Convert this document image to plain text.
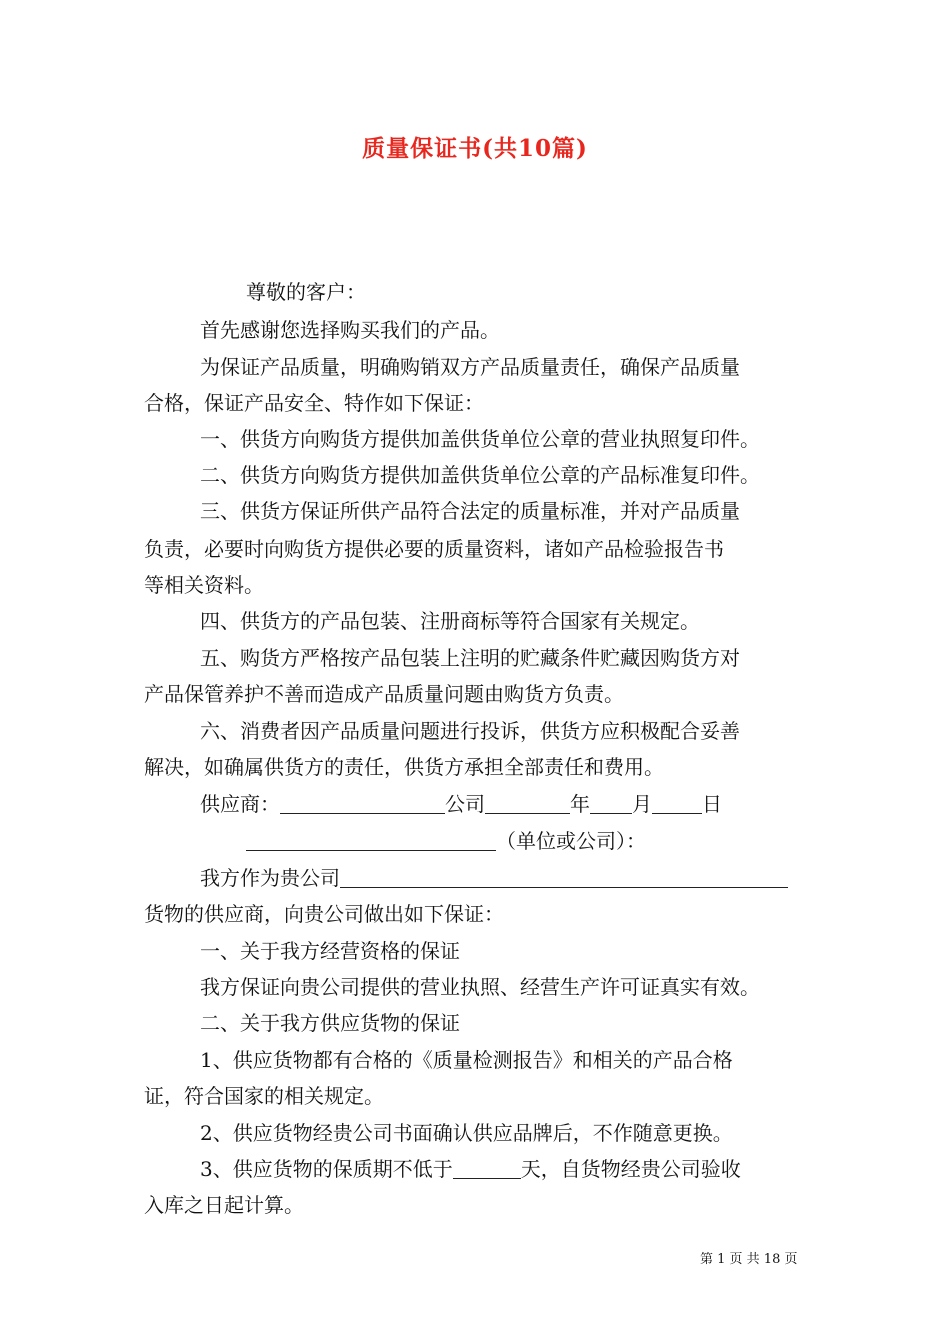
质量保证书(共10篇)
尊敬的客户：
首先感谢您选择购买我们的产品。
为保证产品质量，明确购销双方产品质量责任，确保产品质量
合格，保证产品安全、特作如下保证：
一、供货方向购货方提供加盖供货单位公章的营业执照复印件。
二、供货方向购货方提供加盖供货单位公章的产品标准复印件。
三、供货方保证所供产品符合法定的质量标准，并对产品质量
负责，必要时向购货方提供必要的质量资料，诸如产品检验报告书
等相关资料。
四、供货方的产品包装、注册商标等符合国家有关规定。
五、购货方严格按产品包装上注明的贮藏条件贮藏因购货方对
产品保管养护不善而造成产品质量问题由购货方负责。
六、消费者因产品质量问题进行投诉，供货方应积极配合妥善
解决，如确属供货方的责任，供货方承担全部责任和费用。
供应商：	公司	年 月	日
（单位或公司）：
我方作为贵公司
货物的供应商，向贵公司做出如下保证：
一、关于我方经营资格的保证
我方保证向贵公司提供的营业执照、经营生产许可证真实有效。
二、关于我方供应货物的保证
1、供应货物都有合格的《质量检测报告》和相关的产品合格
证，符合国家的相关规定。
2、供应货物经贵公司书面确认供应品牌后，不作随意更换。
3、供应货物的保质期不低于	天，自货物经贵公司验收
入库之日起计算。
第 1 页 共 18 页
